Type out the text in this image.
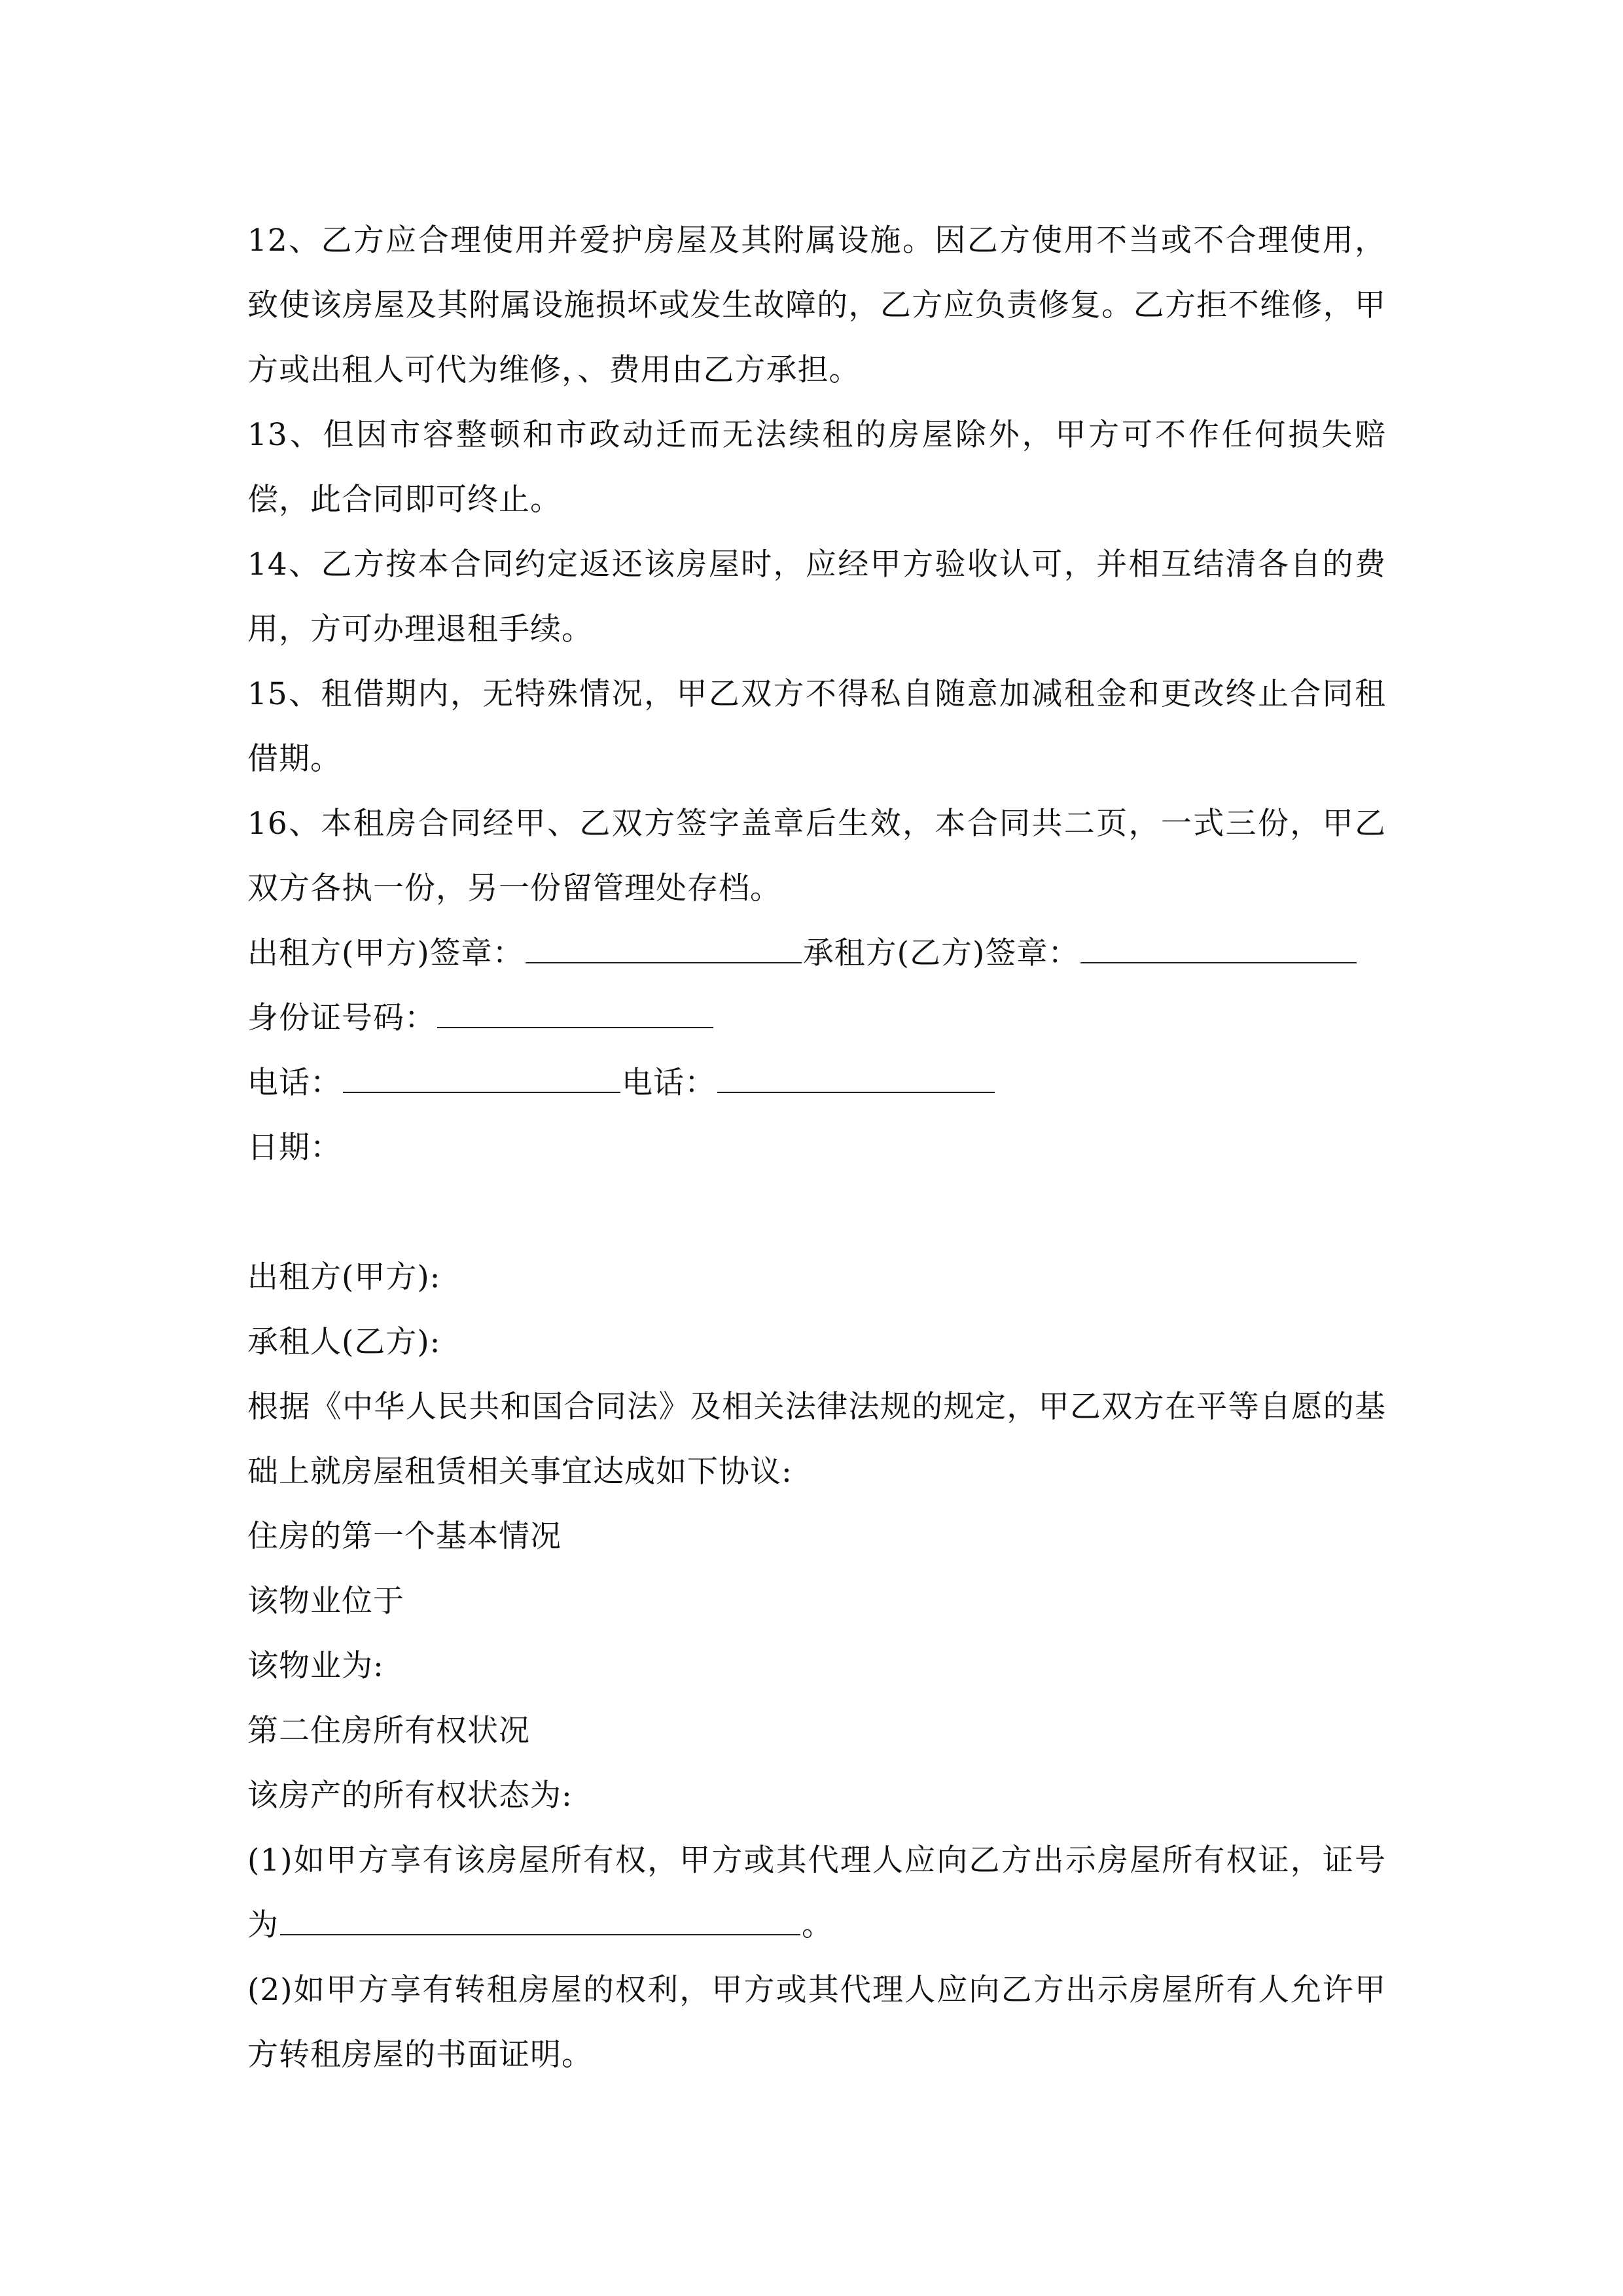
12、乙方应合理使用并爱护房屋及其附属设施。因乙方使用不当或不合理使用，致使该房屋及其附属设施损坏或发生故障的，乙方应负责修复。乙方拒不维修，甲方或出租人可代为维修，、费用由乙方承担。

13、但因市容整顿和市政动迁而无法续租的房屋除外，甲方可不作任何损失赔偿，此合同即可终止。

14、乙方按本合同约定返还该房屋时，应经甲方验收认可，并相互结清各自的费用，方可办理退租手续。

15、租借期内，无特殊情况，甲乙双方不得私自随意加减租金和更改终止合同租借期。

16、本租房合同经甲、乙双方签字盖章后生效，本合同共二页，一式三份，甲乙双方各执一份，另一份留管理处存档。

出租方(甲方)签章：	承租方(乙方)签章：
身份证号码：
电话：	电话：
日期：
出租方(甲方):
承租人(乙方):

根据《中华人民共和国合同法》及相关法律法规的规定，甲乙双方在平等自愿的基础上就房屋租赁相关事宜达成如下协议:

住房的第一个基本情况
该物业位于
该物业为:
第二住房所有权状况
该房产的所有权状态为:

(1)如甲方享有该房屋所有权，甲方或其代理人应向乙方出示房屋所有权证，证号为	。

(2)如甲方享有转租房屋的权利，甲方或其代理人应向乙方出示房屋所有人允许甲方转租房屋的书面证明。
